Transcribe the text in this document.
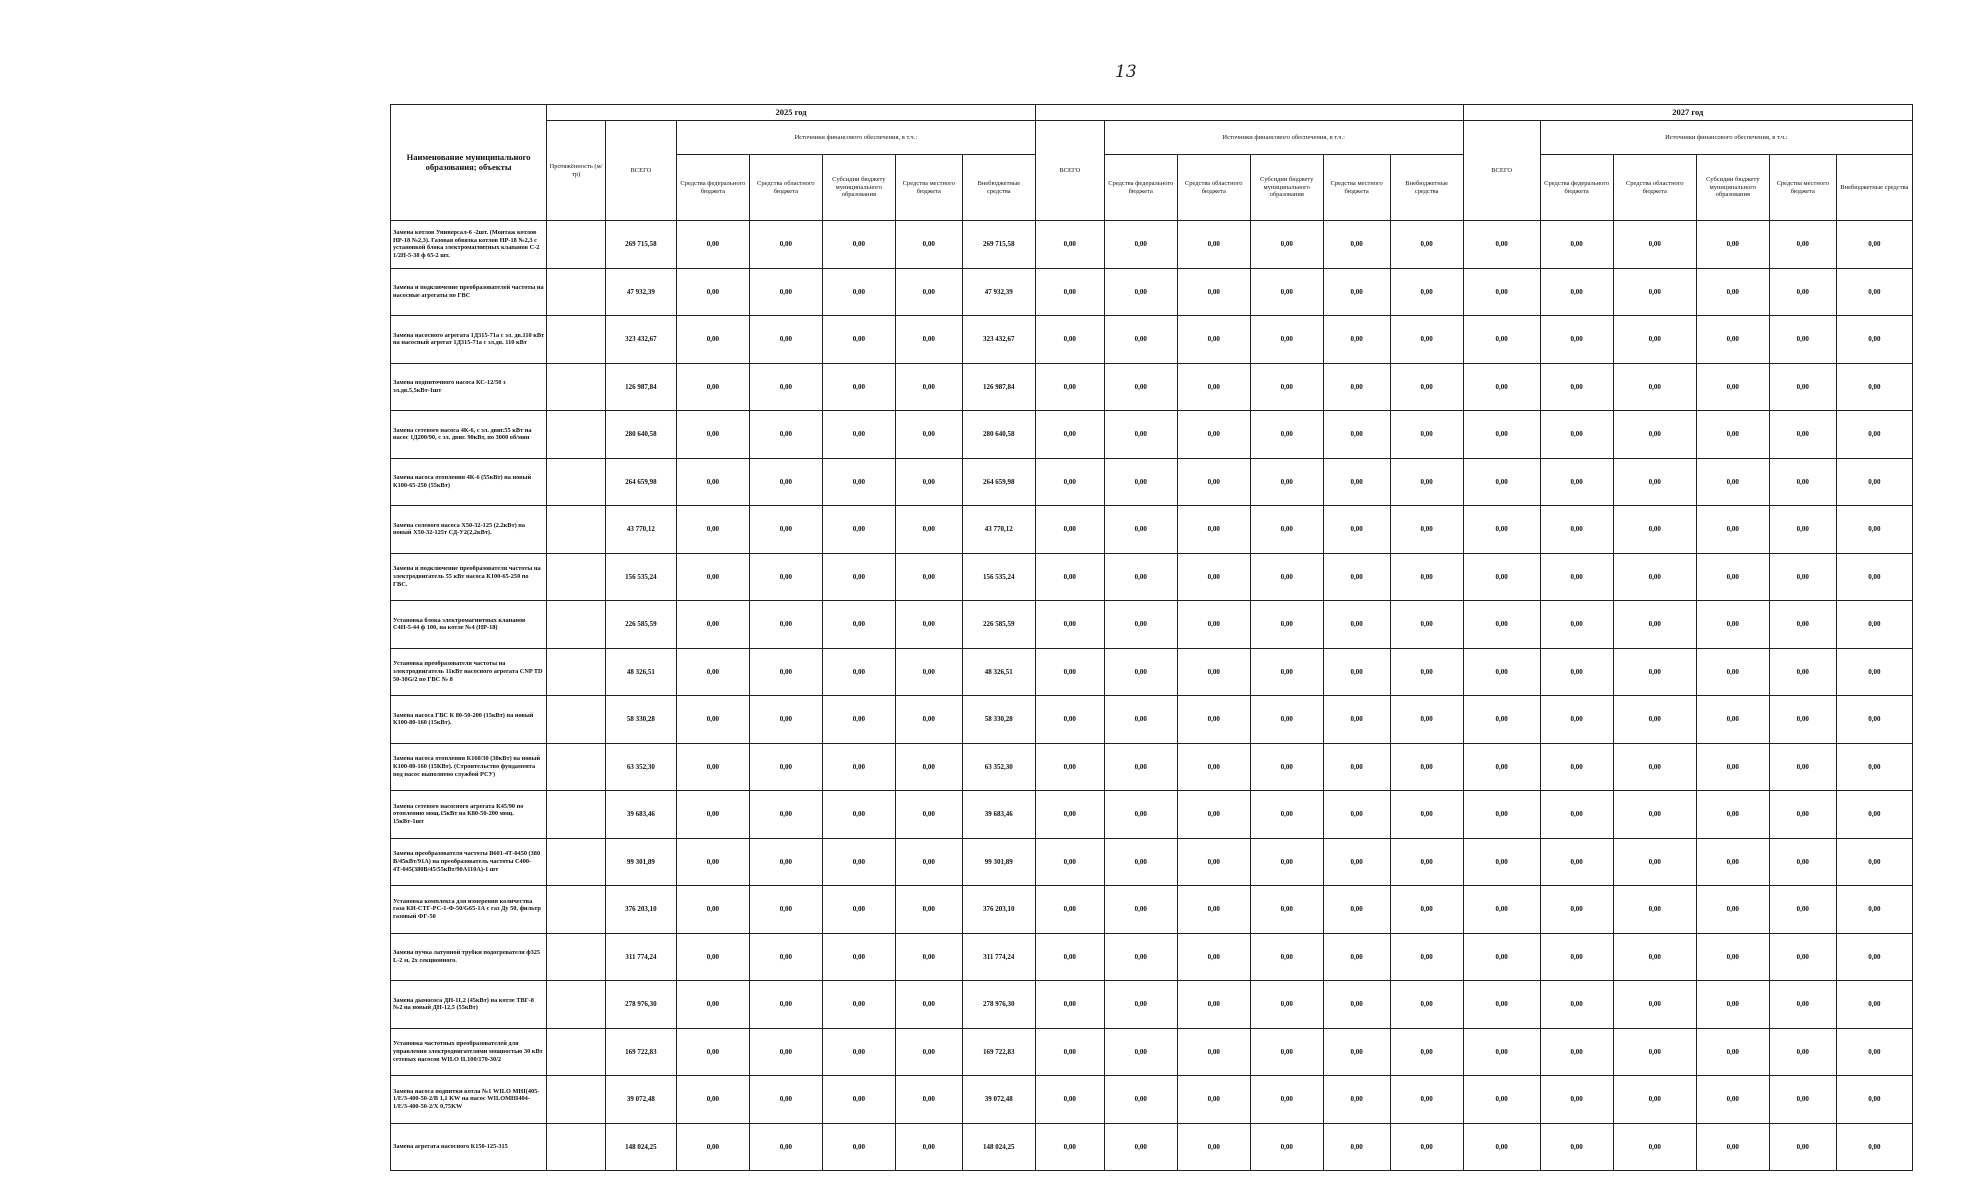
13
Наименование муниципального образования; объекты	2025 год													2027 год					
	Протяжённость (м/тр)	ВСЕГО	Источники финансового обеспечения, в т.ч.:					ВСЕГО	Источники финансового обеспечения, в т.ч.:					ВСЕГО	Источники финансового обеспечения, в т.ч.:				
			Средства федерального бюджета	Средства областного бюджета	Субсидии бюджету муниципального образования	Средства местного бюджета	Внебюджетные средства		Средства федерального бюджета	Средства областного бюджета	Субсидии бюджету муниципального образования	Средства местного бюджета	Внебюджетные средства		Средства федерального бюджета	Средства областного бюджета	Субсидии бюджету муниципального образования	Средства местного бюджета	Внебюджетные средства
Замена котлов Универсал-6 -2шт. (Монтаж котлов НР-18 №2,3). Газовая обвязка котлов НР-18 №2,3 с установкой блока электромагнитных клапанов С-2 1/2Н-5-38 ф 65-2 шт.		269 715,58	0,00	0,00	0,00	0,00	269 715,58	0,00	0,00	0,00	0,00	0,00	0,00	0,00	0,00	0,00	0,00	0,00	0,00
Замена и подключение преобразователей частоты на насосные агрегаты по ГВС		47 932,39	0,00	0,00	0,00	0,00	47 932,39	0,00	0,00	0,00	0,00	0,00	0,00	0,00	0,00	0,00	0,00	0,00	0,00
Замена насосного агрегата 1Д315-71а с эл. дв.110 кВт на насосный агрегат 1Д315-71а с эл.дв. 110 кВт		323 432,67	0,00	0,00	0,00	0,00	323 432,67	0,00	0,00	0,00	0,00	0,00	0,00	0,00	0,00	0,00	0,00	0,00	0,00
Замена подпиточного насоса КС-12/50 з эл.дв.5,5кВт-1шт		126 987,84	0,00	0,00	0,00	0,00	126 987,84	0,00	0,00	0,00	0,00	0,00	0,00	0,00	0,00	0,00	0,00	0,00	0,00
Замена сетевого насоса 4К-6, с эл. двиг.55 кВт на насос 1Д200/90, с эл. двиг. 90кВт, по 3000 об/мин		280 640,58	0,00	0,00	0,00	0,00	280 640,58	0,00	0,00	0,00	0,00	0,00	0,00	0,00	0,00	0,00	0,00	0,00	0,00
Замена насоса отопления 4К-6 (55кВт) на новый К100-65-250 (55кВт)		264 659,98	0,00	0,00	0,00	0,00	264 659,98	0,00	0,00	0,00	0,00	0,00	0,00	0,00	0,00	0,00	0,00	0,00	0,00
Замена солевого насоса Х50-32-125 (2.2кВт) на новый Х50-32-125т СД-У2(2,2кВт).		43 770,12	0,00	0,00	0,00	0,00	43 770,12	0,00	0,00	0,00	0,00	0,00	0,00	0,00	0,00	0,00	0,00	0,00	0,00
Замена и подключение преобразователя частоты на электродвигатель 55 кВт насоса К100-65-250 по ГВС.		156 535,24	0,00	0,00	0,00	0,00	156 535,24	0,00	0,00	0,00	0,00	0,00	0,00	0,00	0,00	0,00	0,00	0,00	0,00
Установка блока электромагнитных клапанов С4Н-5-44 ф 100, на котле №4 (НР-18)		226 585,59	0,00	0,00	0,00	0,00	226 585,59	0,00	0,00	0,00	0,00	0,00	0,00	0,00	0,00	0,00	0,00	0,00	0,00
Установка преобразователя частоты на электродвигатель 11кВт насосного агрегата CNP TD 50-30G/2 по ГВС № 8		48 326,51	0,00	0,00	0,00	0,00	48 326,51	0,00	0,00	0,00	0,00	0,00	0,00	0,00	0,00	0,00	0,00	0,00	0,00
Замена насоса ГВС К 80-50-200 (15кВт) на новый К100-80-160 (15кВт).		58 330,28	0,00	0,00	0,00	0,00	58 330,28	0,00	0,00	0,00	0,00	0,00	0,00	0,00	0,00	0,00	0,00	0,00	0,00
Замена насоса отопления К160/30 (30кВт) на новый К100-80-160 (15КВт). (Строительство фундамента под насос выполнено службой РСУ)		63 352,30	0,00	0,00	0,00	0,00	63 352,30	0,00	0,00	0,00	0,00	0,00	0,00	0,00	0,00	0,00	0,00	0,00	0,00
Замена сетевого насосного агрегата К45/90 по отоплению мощ.15кВт на К80-50-200 мощ. 15кВт-1шт		39 683,46	0,00	0,00	0,00	0,00	39 683,46	0,00	0,00	0,00	0,00	0,00	0,00	0,00	0,00	0,00	0,00	0,00	0,00
Замена преобразователя частоты В601-4Т-0450 (380 В/45кВт/91А) на преобразователь частоты С400-4Т-045(380В/45/55кВт/90А110А)-1 шт		99 301,89	0,00	0,00	0,00	0,00	99 301,89	0,00	0,00	0,00	0,00	0,00	0,00	0,00	0,00	0,00	0,00	0,00	0,00
Установка комплекса для измерения количества газа КИ-СТГ-РС-1-Ф-50/G65-1А с газ Ду 50, фильтр газовый ФГ-50		376 203,10	0,00	0,00	0,00	0,00	376 203,10	0,00	0,00	0,00	0,00	0,00	0,00	0,00	0,00	0,00	0,00	0,00	0,00
Замена пучка латунной трубки подогревателя ф325 L-2 м, 2х секционного.		311 774,24	0,00	0,00	0,00	0,00	311 774,24	0,00	0,00	0,00	0,00	0,00	0,00	0,00	0,00	0,00	0,00	0,00	0,00
Замена дымососа ДН-11,2 (45кВт) на котле ТВГ-8 №2 на новый ДН-12,5 (55кВт)		278 976,30	0,00	0,00	0,00	0,00	278 976,30	0,00	0,00	0,00	0,00	0,00	0,00	0,00	0,00	0,00	0,00	0,00	0,00
Установка частотных преобразователей для управления электродвигателями мощностью 30 кВт сетевых насосов WILO IL100/170-30/2		169 722,83	0,00	0,00	0,00	0,00	169 722,83	0,00	0,00	0,00	0,00	0,00	0,00	0,00	0,00	0,00	0,00	0,00	0,00
Замена насоса подпитки котла №1 WILO MHI(405-1/E/3-400-50-2/B 1,1 KW на насос WILOMHI404-1/E/3-400-50-2/X 0,75KW		39 072,48	0,00	0,00	0,00	0,00	39 072,48	0,00	0,00	0,00	0,00	0,00	0,00	0,00	0,00	0,00	0,00	0,00	0,00
Замена агрегата насосного К150-125-315		148 024,25	0,00	0,00	0,00	0,00	148 024,25	0,00	0,00	0,00	0,00	0,00	0,00	0,00	0,00	0,00	0,00	0,00	0,00
